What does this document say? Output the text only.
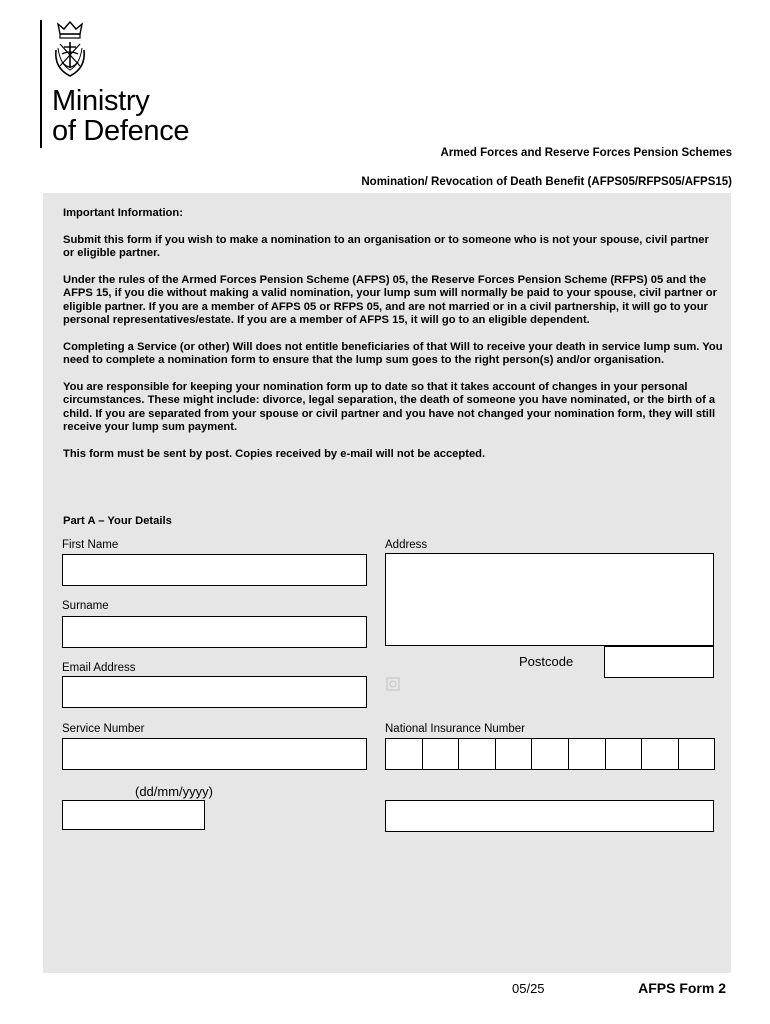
Ministry
of Defence
Armed Forces and Reserve Forces Pension Schemes
Nomination/ Revocation of Death Benefit (AFPS05/RFPS05/AFPS15)

Important Information:

Submit this form if you wish to make a nomination to an organisation or to someone who is not your spouse, civil partner or eligible partner.

Under the rules of the Armed Forces Pension Scheme (AFPS) 05, the Reserve Forces Pension Scheme (RFPS) 05 and the AFPS 15, if you die without making a valid nomination, your lump sum will normally be paid to your spouse, civil partner or eligible partner. If you are a member of AFPS 05 or RFPS 05, and are not married or in a civil partnership, it will go to your personal representatives/estate. If you are a member of AFPS 15, it will go to an eligible dependent.

Completing a Service (or other) Will does not entitle beneficiaries of that Will to receive your death in service lump sum. You need to complete a nomination form to ensure that the lump sum goes to the right person(s) and/or organisation.

You are responsible for keeping your nomination form up to date so that it takes account of changes in your personal circumstances. These might include: divorce, legal separation, the death of someone you have nominated, or the birth of a child. If you are separated from your spouse or civil partner and you have not changed your nomination form, they will still receive your lump sum payment.

This form must be sent by post. Copies received by e-mail will not be accepted.

Part A – Your Details
First Name
Surname
Email Address
Service Number
(dd/mm/yyyy)
Address
Postcode
National Insurance Number
05/25	AFPS Form 2
